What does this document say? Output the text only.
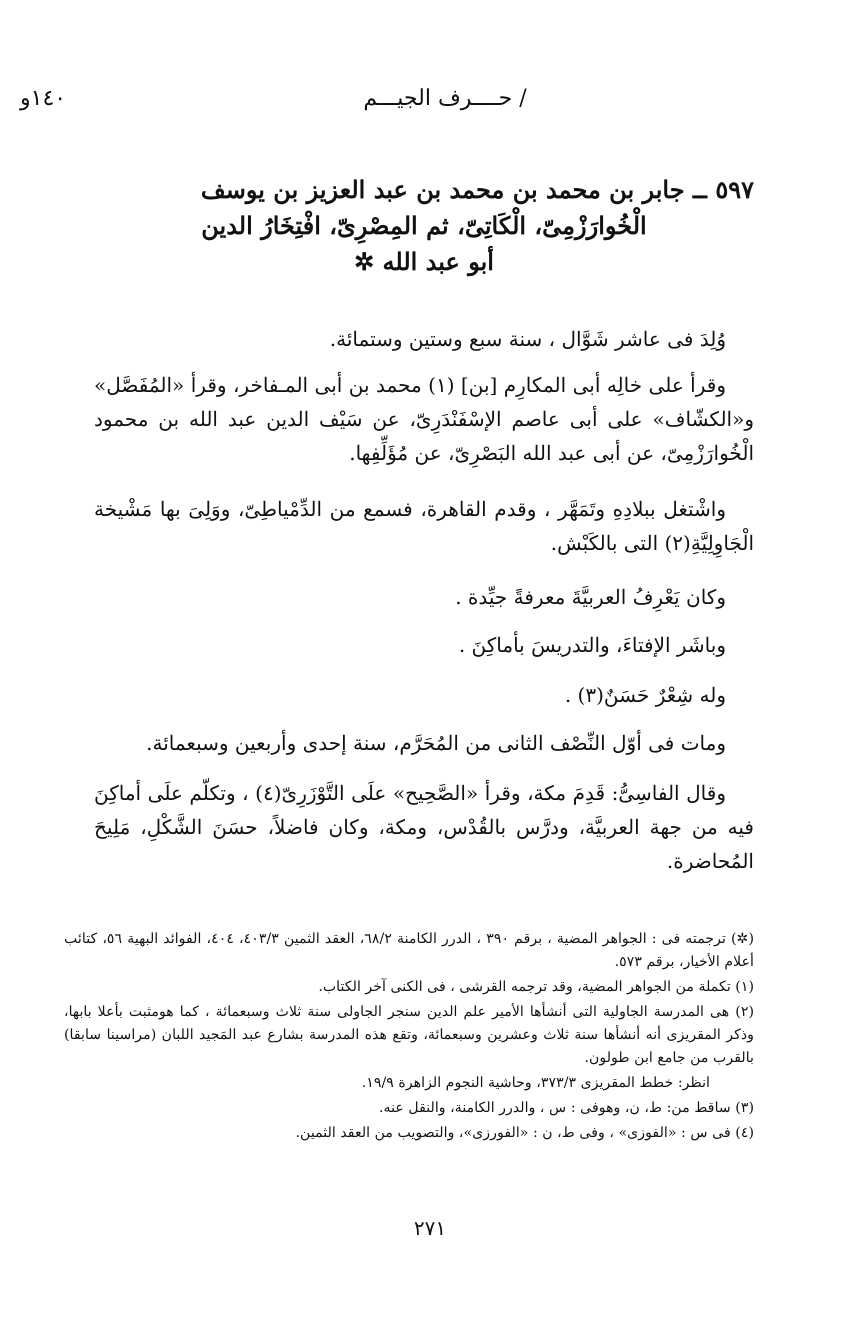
١٤٠و	/ حــــرف الجيـــم
٥٩٧ ــ جابر بن محمد بن محمد بن عبد العزيز بن يوسف
الْخُوارَزْمِىّ، الْكَاتِىّ، ثم المِصْرِىّ، افْتِخَارُ الدين
أبو عبد الله ✲
وُلِدَ فى عاشر شَوَّال ، سنة سبع وستين وستمائة.
وقرأ على خالِه أبى المكارِم [بن] (١) محمد بن أبى المـفاخر، وقرأ «المُفَصَّل» و«الكشّاف» على أبى عاصم الإسْفَنْدَرِىّ، عن سَيْف الدين عبد الله بن محمود الْخُوارَزْمِىّ، عن أبى عبد الله البَصْرِىّ، عن مُؤَلِّفِها.
واشْتغل ببلادِهِ وتَمَهَّر ، وقدم القاهرة، فسمع من الدِّمْياطِىّ، ووَلِىَ بها مَشْيخة الْجَاوِلِيَّةِ(٢) التى بالكَبْش.
وكان يَعْرِفُ العربيَّةَ معرفةً جيِّدة .
وباشَر الإفتاءَ، والتدريسَ بأماكِنَ .
وله شِعْرٌ حَسَنٌ(٣) .
ومات فى أوّل النِّصْف الثانى من المُحَرَّم، سنة إحدى وأربعين وسبعمائة.
وقال الفاسِىُّ: قَدِمَ مكة، وقرأ «الصَّحِيح» علَى التَّوْزَرِىّ(٤) ، وتكلّم علَى أماكِنَ فيه من جهة العربيَّة، ودرَّس بالقُدْس، ومكة، وكان فاضلاً، حسَنَ الشَّكْلِ، مَلِيحَ المُحاضرة.
(✲) ترجمته فى : الجواهر المضية ، برقم ٣٩٠ ، الدرر الكامنة ٦٨/٢، العقد الثمين ٤٠٣/٣، ٤٠٤، الفوائد البهية ٥٦، كتائب أعلام الأخيار، برقم ٥٧٣.
(١) تكملة من الجواهر المضية، وقد ترجمه القرشى ، فى الكنى آخر الكتاب.
(٢) هى المدرسة الجاولية التى أنشأها الأمير علم الدين سنجر الجاولى سنة ثلاث وسبعمائة ، كما هومثبت بأعلا بابها، وذكر المقريزى أنه أنشأها سنة ثلاث وعشرين وسبعمائة، وتقع هذه المدرسة بشارع عبد المَجيد اللبان (مراسينا سابقا) بالقرب من جامع ابن طولون.
انظر: خطط المقريزى ٣٧٣/٣، وحاشية النجوم الزاهرة ١٩/٩.
(٣) ساقط من: ط، ن، وهوفى : س ، والدرر الكامنة، والنقل عنه.
(٤) فى س : «الفوزى» ، وفى ط، ن : «الفورزى»، والتصويب من العقد الثمين.
٢٧١
